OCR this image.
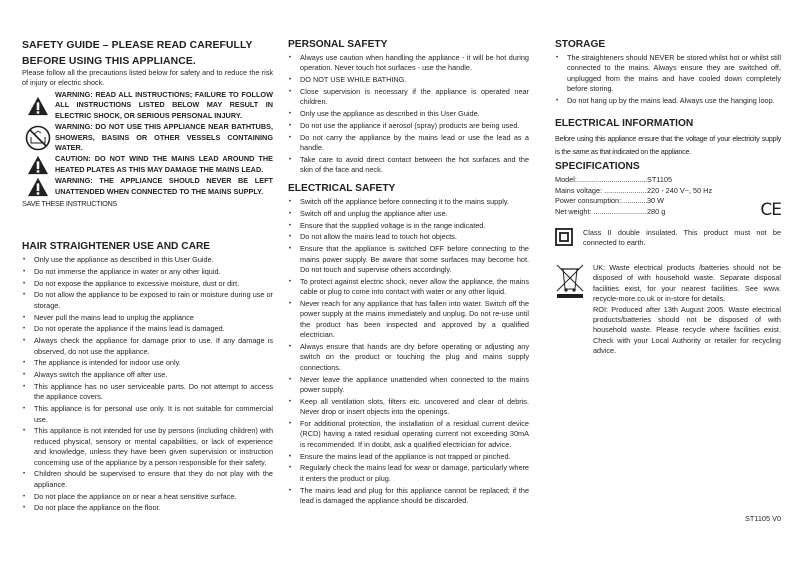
SAFETY GUIDE – PLEASE READ CAREFULLY BEFORE USING THIS APPLIANCE.

Please follow all the precautions listed below for safety and to reduce the risk of injury or electric shock.

WARNING: READ ALL INSTRUCTIONS; FAILURE TO FOLLOW ALL INSTRUCTIONS LISTED BELOW MAY RESULT IN ELECTRIC SHOCK, OR SERIOUS PERSONAL INJURY.

WARNING: DO NOT USE THIS APPLIANCE NEAR BATHTUBS, SHOWERS, BASINS OR OTHER VESSELS CONTAINING WATER.

CAUTION: DO NOT WIND THE MAINS LEAD AROUND THE HEATED PLATES AS THIS MAY DAMAGE THE MAINS LEAD.

WARNING: THE APPLIANCE SHOULD NEVER BE LEFT UNATTENDED WHEN CONNECTED TO THE MAINS SUPPLY.

SAVE THESE INSTRUCTIONS

HAIR STRAIGHTENER USE AND CARE
• Only use the appliance as described in this User Guide.
• Do not immerse the appliance in water or any other liquid.
• Do not expose the appliance to excessive moisture, dust or dirt.
• Do not allow the appliance to be exposed to rain or moisture during use or storage.
• Never pull the mains lead to unplug the appliance
• Do not operate the appliance if the mains lead is damaged.
• Always check the appliance for damage prior to use. If any damage is observed, do not use the appliance.
• The appliance is intended for indoor use only.
• Always switch the appliance off after use.
• This appliance has no user serviceable parts. Do not attempt to access the appliance covers.
• This appliance is for personal use only. It is not suitable for commercial use.
• This appliance is not intended for use by persons (including children) with reduced physical, sensory or mental capabilities, or lack of experience and knowledge, unless they have been given supervision or instruction concerning use of the appliance by a person responsible for their safety.
• Children should be supervised to ensure that they do not play with the appliance.
• Do not place the appliance on or near a heat sensitive surface.
• Do not place the appliance on the floor.
PERSONAL SAFETY
• Always use caution when handling the appliance - it will be hot during operation. Never touch hot surfaces - use the handle.
• DO NOT USE WHILE BATHING.
• Close supervision is necessary if the appliance is operated near children.
• Only use the appliance as described in this User Guide.
• Do not use the appliance if aerosol (spray) products are being used.
• Do not carry the appliance by the mains lead or use the lead as a handle.
• Take care to avoid direct contact between the hot surfaces and the skin of the face and neck.
ELECTRICAL SAFETY
• Switch off the appliance before connecting it to the mains supply.
• Switch off and unplug the appliance after use.
• Ensure that the supplied voltage is in the range indicated.
• Do not allow the mains lead to touch hot objects.
• Ensure that the appliance is switched OFF before connecting to the mains power supply. Be aware that some surfaces may become hot. Do not touch and supervise others accordingly.
• To protect against electric shock, never allow the appliance, the mains cable or plug to come into contact with water or any other liquid.
• Never reach for any appliance that has fallen into water. Switch off the power supply at the mains immediately and unplug. Do not re-use until the product has been inspected and approved by a qualified electrician.
• Always ensure that hands are dry before operating or adjusting any switch on the product or touching the plug and mains supply connections.
• Never leave the appliance unattended when connected to the mains power supply.
• Keep all ventilation slots, filters etc. uncovered and clear of debris. Never drop or insert objects into the openings.
• For additional protection, the installation of a residual current device (RCD) having a rated residual operating current not exceeding 30mA is recommended. If in doubt, ask a qualified electrician for advice.
• Ensure the mains lead of the appliance is not trapped or pinched.
• Regularly check the mains lead for wear or damage, particularly where it enters the product or plug.
• The mains lead and plug for this appliance cannot be replaced; if the lead is damaged the appliance should be discarded.
STORAGE
• The straighteners should NEVER be stored whilst hot or whilst still connected to the mains. Always ensure they are switched off, unplugged from the mains and have cooled down completely before storing.
• Do not hang up by the mains lead. Always use the hanging loop.
ELECTRICAL INFORMATION

Before using this appliance ensure that the voltage of your electricity supply is the same as that indicated on the appliance.

SPECIFICATIONS
Model: .....	ST1105
Mains voltage: .....	220 - 240 V~, 50 Hz
Power consumption: .....	30 W
Net weight: .....	280 g	CE

Class II double insulated. This product must not be connected to earth.

UK: Waste electrical products /batteries should not be disposed of with household waste. Separate disposal facilities exist, for your nearest facilities. See www. recycle-more.co.uk or in-store for details.

ROI: Produced after 13th August 2005. Waste electrical products/batteries should not be disposed of with household waste. Please recycle where facilities exist. Check with your Local Authority or retailer for recycling advice.

ST1105 V0
